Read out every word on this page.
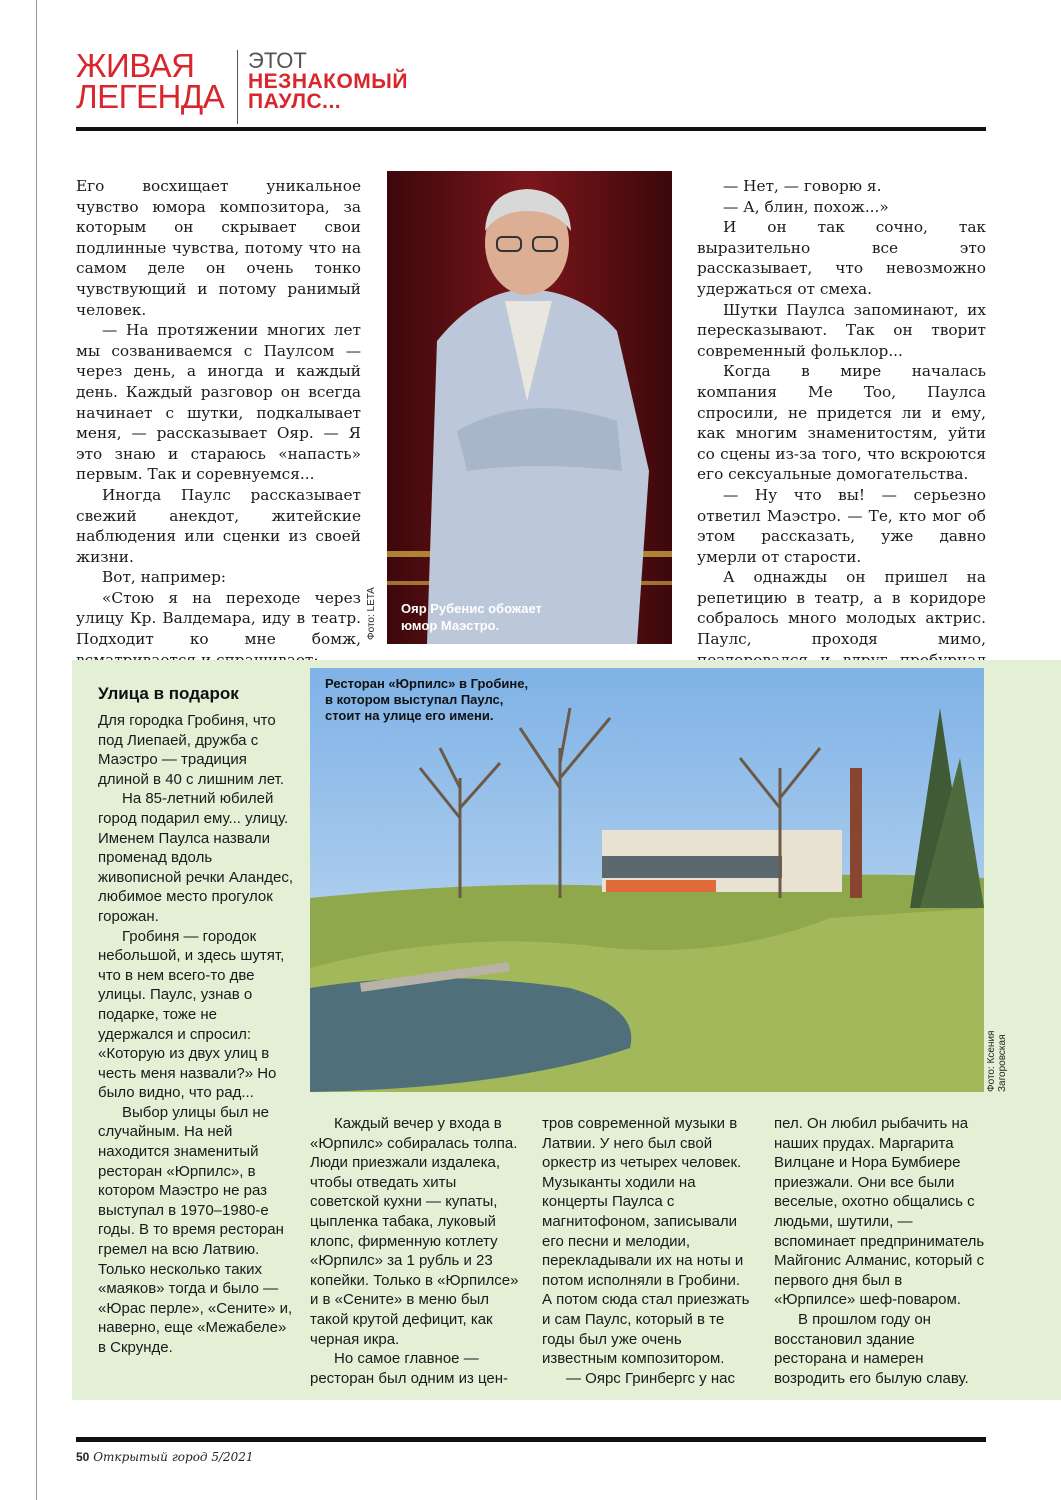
ЖИВАЯ
ЛЕГЕНДА
ЭТОТ
НЕЗНАКОМЫЙ
ПАУЛС...

Его восхищает уникальное чувство юмора композитора, за которым он скрывает свои подлинные чувства, потому что на самом деле он очень тонко чувствующий и потому ранимый человек.

— На протяжении многих лет мы созваниваемся с Паулсом — через день, а иногда и каждый день. Каждый разговор он всегда начинает с шутки, подкалывает меня, — рассказывает Ояр. — Я это знаю и стараюсь «напасть» первым. Так и соревнуемся...

Иногда Паулс рассказывает свежий анекдот, житейские наблюдения или сценки из своей жизни.

Вот, например:

«Стою я на переходе через улицу Кр. Валдемара, иду в театр. Подходит ко мне бомж,

Ояр Рубенис обожает
юмор Маэстро.
Фото: LETA

— Нет, — говорю я.

— А, блин, похож...»

И он так сочно, так выразительно все это рассказывает, что невозможно удержаться от смеха.

Шутки Паулса запоминают, их пересказывают. Так он творит современный фольклор...

Когда в мире началась компания Me Too, Паулса спросили, не придется ли и ему, как многим знаменитостям, уйти со сцены из-за того, что вскроются его сексуальные домогательства.

— Ну что вы! — серьезно ответил Маэстро. — Те, кто мог об этом рассказать, уже давно умерли от старости.

А однажды он пришел на репетицию в театр, а в коридоре собралось много молодых актрис. Паулс, проходя мимо,

Улица в подарок

Для городка Гробиня, что под Лиепаей, дружба с Маэстро — традиция длиной в 40 с лишним лет.

На 85-летний юбилей город подарил ему... улицу. Именем Паулса назвали променад вдоль живописной речки Аландес, любимое место прогулок горожан.

Гробиня — городок небольшой, и здесь шутят, что в нем всего-то две улицы. Паулс, узнав о подарке, тоже не удержался и спросил: «Которую из двух улиц в честь меня назвали?» Но было видно, что рад...

Выбор улицы был не случайным. На ней находится знаменитый ресторан «Юрпилс», в котором Маэстро не раз выступал в 1970–1980-е годы. В то время ресторан гремел на всю Латвию. Только несколько таких «маяков» тогда и было — «Юрас перле», «Сените» и, наверно, еще «Межабеле» в Скрунде.

Ресторан «Юрпилс» в Гробине,
в котором выступал Паулс,
стоит на улице его имени.
Фото: Ксения Загоровская

Каждый вечер у входа в «Юрпилс» собиралась толпа. Люди приезжали издалека, чтобы отведать хиты советской кухни — купаты, цыпленка табака, луковый клопс, фирменную котлету «Юрпилс» за 1 рубль и 23 копейки. Только в «Юрпилсе» и в «Сените» в меню был такой крутой дефицит, как черная икра.

Но самое главное — ресторан был одним из цен-

тров современной музыки в Латвии. У него был свой оркестр из четырех человек. Музыканты ходили на концерты Паулса с магнитофоном, записывали его песни и мелодии, перекладывали их на ноты и потом исполняли в Гробини. А потом сюда стал приезжать и сам Паулс, который в те годы был уже очень известным композитором.

— Оярс Гринбергс у нас

пел. Он любил рыбачить на наших прудах. Маргарита Вилцане и Нора Бумбиере приезжали. Они все были веселые, охотно общались с людьми, шутили, — вспоминает предприниматель Майгонис Алманис, который с первого дня был в «Юрпилсе» шеф-поваром.

В прошлом году он восстановил здание ресторана и намерен возродить его былую славу.

50 Открытый город 5/2021
